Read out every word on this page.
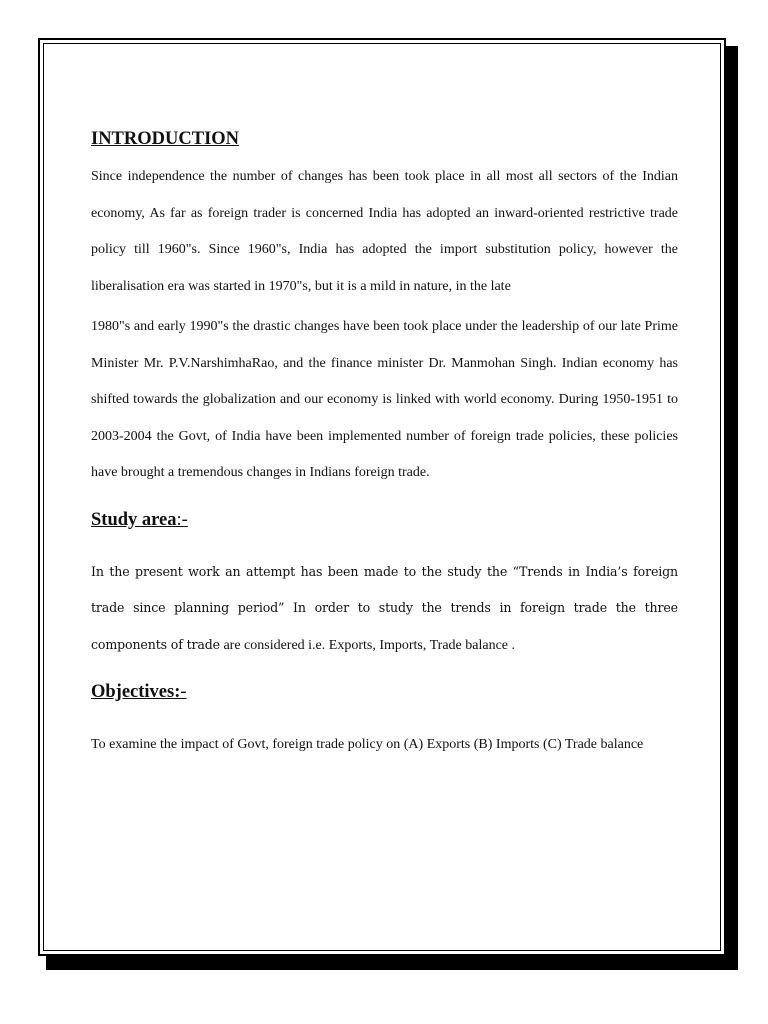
INTRODUCTION

Since independence the number of changes has been took place in all most all sectors of the Indian economy, As far as foreign trader is concerned India has adopted an inward-oriented restrictive trade policy till 1960"s. Since 1960"s, India has adopted the import substitution policy, however the liberalisation era was started in 1970"s, but it is a mild in nature, in the late

1980"s and early 1990"s the drastic changes have been took place under the leadership of our late Prime Minister Mr. P.V.NarshimhaRao, and the finance minister Dr. Manmohan Singh. Indian economy has shifted towards the globalization and our economy is linked with world economy. During 1950-1951 to 2003-2004 the Govt, of India have been implemented number of foreign trade policies, these policies have brought a tremendous changes in Indians foreign trade.

Study area:-

In the present work an attempt has been made to the study the “Trends in India’s foreign trade since planning period” In order to study the trends in foreign trade the three components of trade are considered i.e. Exports, Imports, Trade balance .

Objectives:-

To examine the impact of Govt, foreign trade policy on (A) Exports (B) Imports (C) Trade balance
